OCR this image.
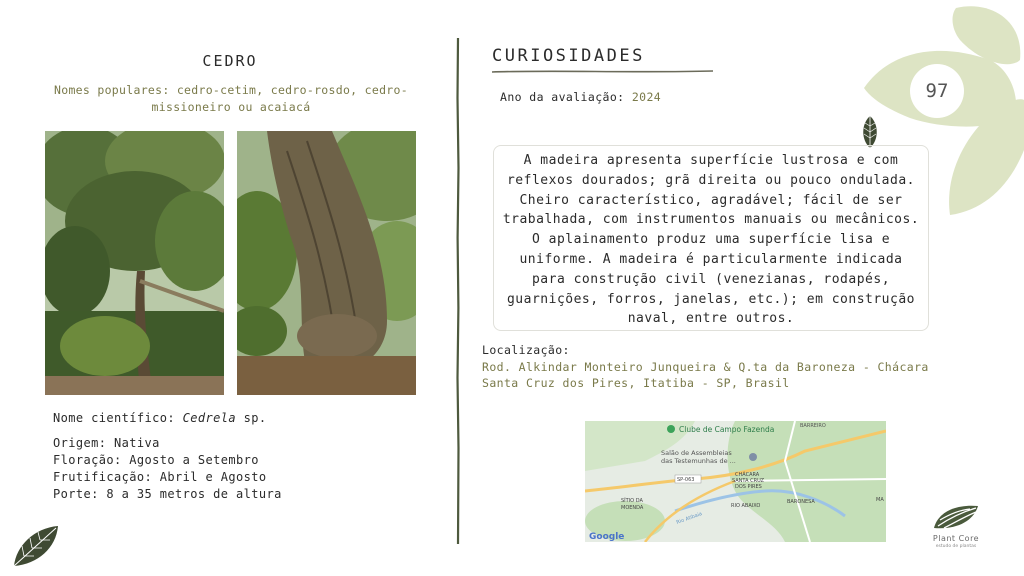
97
CEDRO
Nomes populares: cedro-cetim, cedro-rosdo, cedro-missioneiro ou acaiacá
Nome científico: Cedrela sp.
Origem: Nativa
Floração: Agosto a Setembro
Frutificação: Abril e Agosto
Porte: 8 a 35 metros de altura
CURIOSIDADES
Ano da avaliação: 2024
A madeira apresenta superfície lustrosa e com reflexos dourados; grã direita ou pouco ondulada. Cheiro característico, agradável; fácil de ser trabalhada, com instrumentos manuais ou mecânicos. O aplainamento produz uma superfície lisa e uniforme. A madeira é particularmente indicada para construção civil (venezianas, rodapés, guarnições, forros, janelas, etc.); em construção naval, entre outros.
Localização:
Rod. Alkindar Monteiro Junqueira & Q.ta da Baroneza - Chácara Santa Cruz dos Pires, Itatiba - SP, Brasil
Clube de Campo Fazenda
Salão de Assembleias
das Testemunhas de ...
BARREIRO
SP-063
CHÁCARA
SANTA CRUZ
DOS PIRES
SÍTIO DA
MOENDA
BARONESA
RIO ABAIXO
Rio Atibaia
MA
Google	Plant Core
estudo de plantas
